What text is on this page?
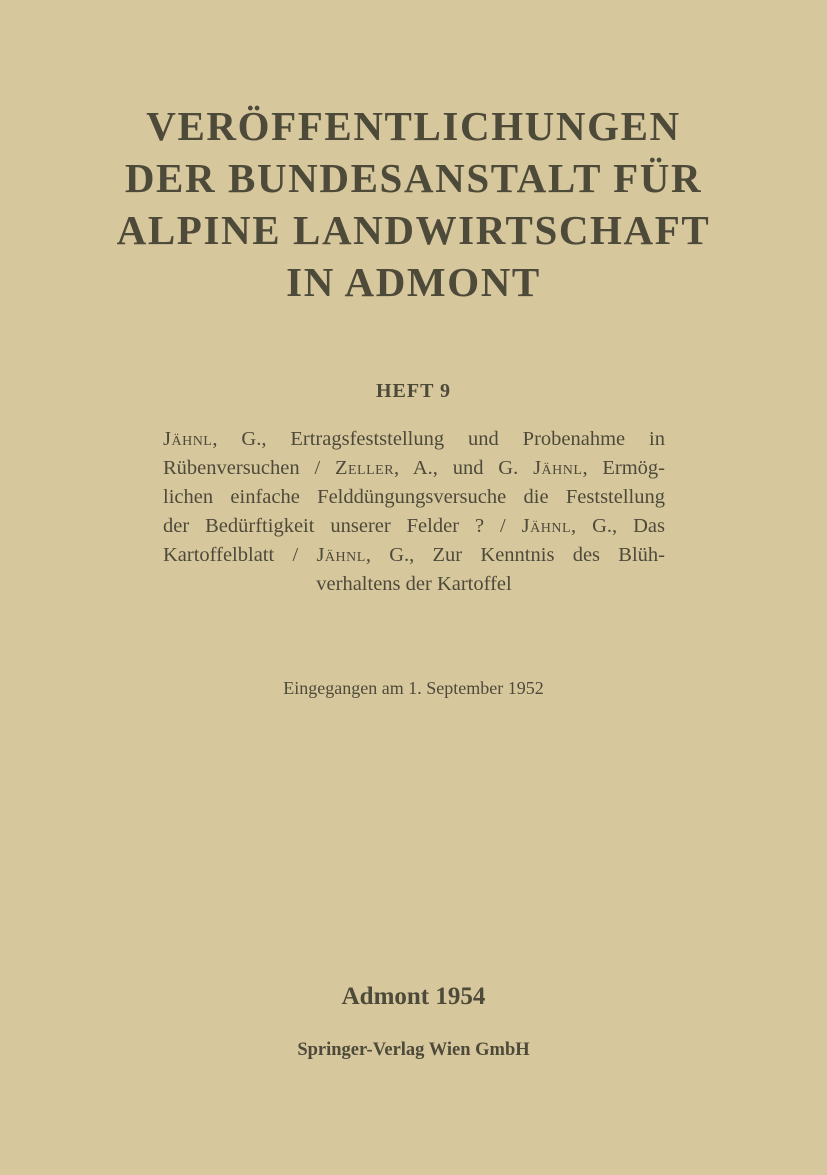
VERÖFFENTLICHUNGEN
DER BUNDESANSTALT FÜR
ALPINE LANDWIRTSCHAFT
IN ADMONT
HEFT 9

Jähnl, G., Ertragsfeststellung und Probenahme in
Rübenversuchen / Zeller, A., und G. Jähnl, Ermög-
lichen einfache Felddüngungsversuche die Feststellung
der Bedürftigkeit unserer Felder ? / Jähnl, G., Das
Kartoffelblatt / Jähnl, G., Zur Kenntnis des Blüh-
verhaltens der Kartoffel

Eingegangen am 1. September 1952

Admont 1954

Springer-Verlag Wien GmbH
